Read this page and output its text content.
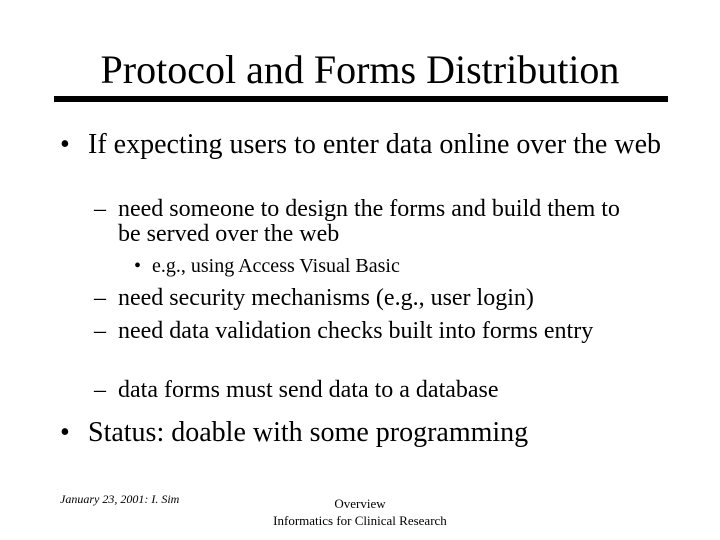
Protocol and Forms Distribution
• If expecting users to enter data online over the web

– need someone to design the forms and build them to be served over the web

• e.g., using Access Visual Basic

– need security mechanisms (e.g., user login)

– need data validation checks built into forms entry

– data forms must send data to a database

• Status: doable with some programming

January 23, 2001: I. Sim	Overview
Informatics for Clinical Research
